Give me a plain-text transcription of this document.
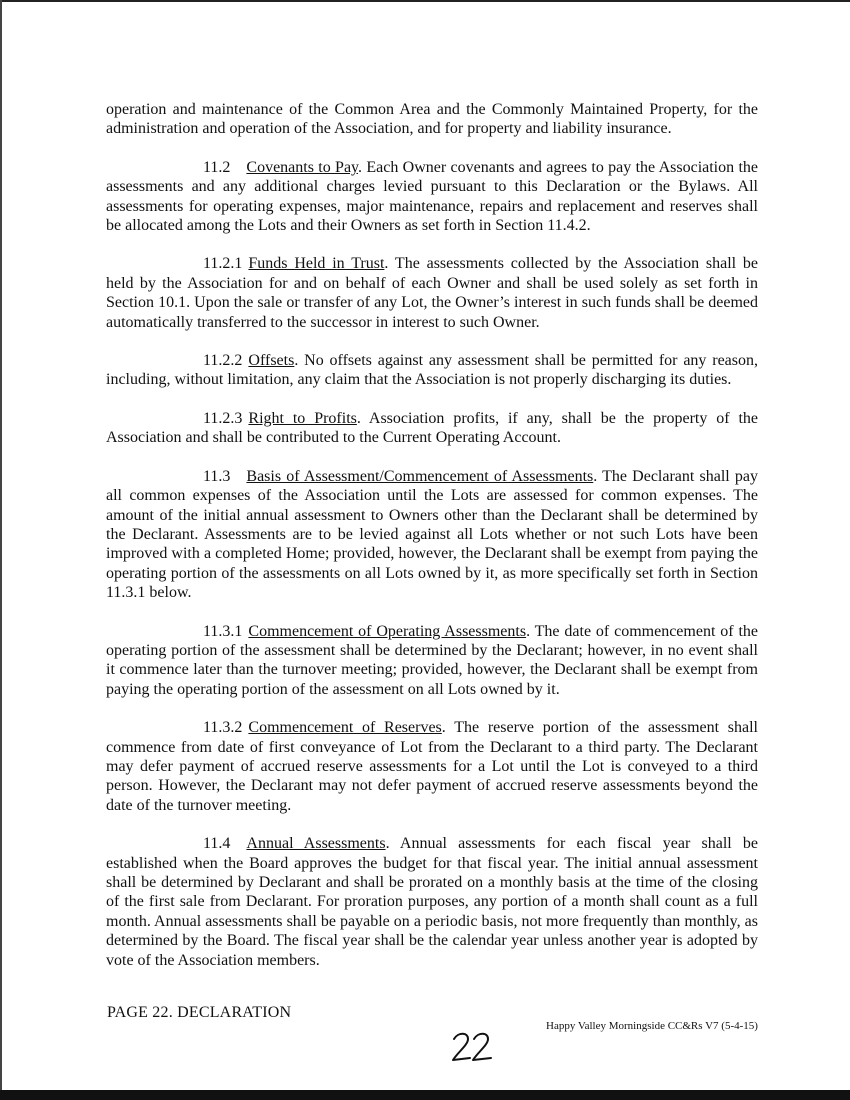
operation and maintenance of the Common Area and the Commonly Maintained Property, for the administration and operation of the Association, and for property and liability insurance.

11.2 Covenants to Pay. Each Owner covenants and agrees to pay the Association the assessments and any additional charges levied pursuant to this Declaration or the Bylaws. All assessments for operating expenses, major maintenance, repairs and replacement and reserves shall be allocated among the Lots and their Owners as set forth in Section 11.4.2.

11.2.1 Funds Held in Trust. The assessments collected by the Association shall be held by the Association for and on behalf of each Owner and shall be used solely as set forth in Section 10.1. Upon the sale or transfer of any Lot, the Owner’s interest in such funds shall be deemed automatically transferred to the successor in interest to such Owner.

11.2.2 Offsets. No offsets against any assessment shall be permitted for any reason, including, without limitation, any claim that the Association is not properly discharging its duties.

11.2.3 Right to Profits. Association profits, if any, shall be the property of the Association and shall be contributed to the Current Operating Account.

11.3 Basis of Assessment/Commencement of Assessments. The Declarant shall pay all common expenses of the Association until the Lots are assessed for common expenses. The amount of the initial annual assessment to Owners other than the Declarant shall be determined by the Declarant. Assessments are to be levied against all Lots whether or not such Lots have been improved with a completed Home; provided, however, the Declarant shall be exempt from paying the operating portion of the assessments on all Lots owned by it, as more specifically set forth in Section 11.3.1 below.

11.3.1 Commencement of Operating Assessments. The date of commencement of the operating portion of the assessment shall be determined by the Declarant; however, in no event shall it commence later than the turnover meeting; provided, however, the Declarant shall be exempt from paying the operating portion of the assessment on all Lots owned by it.

11.3.2 Commencement of Reserves. The reserve portion of the assessment shall commence from date of first conveyance of Lot from the Declarant to a third party. The Declarant may defer payment of accrued reserve assessments for a Lot until the Lot is conveyed to a third person. However, the Declarant may not defer payment of accrued reserve assessments beyond the date of the turnover meeting.

11.4 Annual Assessments. Annual assessments for each fiscal year shall be established when the Board approves the budget for that fiscal year. The initial annual assessment shall be determined by Declarant and shall be prorated on a monthly basis at the time of the closing of the first sale from Declarant. For proration purposes, any portion of a month shall count as a full month. Annual assessments shall be payable on a periodic basis, not more frequently than monthly, as determined by the Board. The fiscal year shall be the calendar year unless another year is adopted by vote of the Association members.

PAGE 22. DECLARATION
Happy Valley Morningside CC&Rs V7 (5-4-15)
